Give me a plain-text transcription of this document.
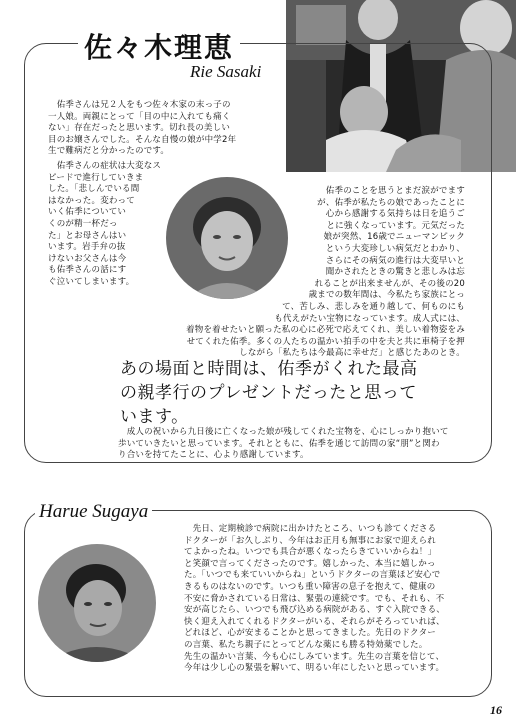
佐々木理恵
Rie Sasaki

　佑季さんは兄２人をもつ佐々木家の末っ子の
一人娘。両親にとって「目の中に入れても痛く
ない」存在だったと思います。切れ長の美しい
目のお嬢さんでした。そんな自慢の娘が中学2年
生で難病だと分かったのです。

　佑季さんの症状は大変なス
ピードで進行していきま
した。「悲しんでいる間
はなかった。変わって
いく佑季についてい
くのが精一杯だっ
た」とお母さんはい
います。岩手弁の抜
けないお父さんは今
も佑季さんの話にす
ぐ泣いてしまいます。

佑季のことを思うとまだ涙がでます
が、佑季が私たちの娘であったことに
心から感謝する気持ちは日を追うご
とに強くなっています。元気だった
娘が突然、16歳でニューマンピック
という大変珍しい病気だとわかり、
さらにその病気の進行は大変早いと
聞かされたときの驚きと悲しみは忘
れることが出来ませんが、その後の20
歳までの数年間は、今私たち家族にとっ
て、苦しみ、悲しみを通り越して、何ものにも
も代えがたい宝物になっています。成人式には、
着物を着せたいと願った私の心に必死で応えてくれ、美しい着物姿をみ
せてくれた佑季。多くの人たちの温かい拍手の中を夫と共に車椅子を押
しながら「私たちは今最高に幸せだ」と感じたあのとき。

あの場面と時間は、佑季がくれた最高
の親孝行のプレゼントだったと思って
います。

　成人の祝いから九日後に亡くなった娘が残してくれた宝物を、心にしっかり抱いて
歩いていきたいと思っています。それとともに、佑季を通じて訪問の家“朋”と関わ
り合いを持てたことに、心より感謝しています。

Harue Sugaya

　先日、定期検診で病院に出かけたところ、いつも診てくださる
ドクターが「お久しぶり、今年はお正月も無事にお家で迎えられ
てよかったね。いつでも具合が悪くなったらきていいからね！」
と笑顔で言ってくださったのです。嬉しかった、本当に嬉しかっ
た。「いつでも来ていいからね」というドクターの言葉ほど安心で
きるものはないのです。いつも重い障害の息子を抱えて、健康の
不安に脅かされている日常は、緊張の連続です。でも、それも、不
安が高じたら、いつでも飛び込める病院がある、すぐ入院できる、
快く迎え入れてくれるドクターがいる、それらがそろっていれば、
どれほど、心が安まることかと思ってきました。先日のドクター
の言葉、私たち親子にとってどんな薬にも勝る特効薬でした。
先生の温かい言葉、今も心にしみています。先生の言葉を信じて、
今年は少し心の緊張を解いて、明るい年にしたいと思っています。

16
